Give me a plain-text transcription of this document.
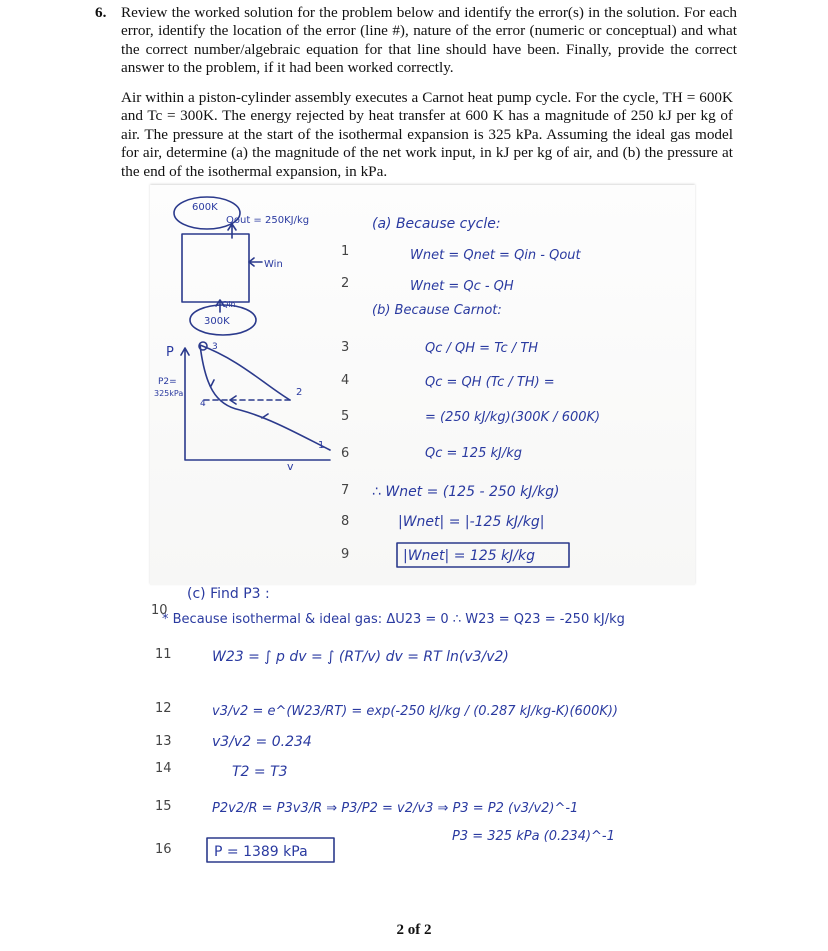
6. Review the worked solution for the problem below and identify the error(s) in the solution. For each error, identify the location of the error (line #), nature of the error (numeric or conceptual) and what the correct number/algebraic equation for that line should have been. Finally, provide the correct answer to the problem, if it had been worked correctly.
Air within a piston-cylinder assembly executes a Carnot heat pump cycle. For the cycle, TH = 600K and Tc = 300K. The energy rejected by heat transfer at 600 K has a magnitude of 250 kJ per kg of air. The pressure at the start of the isothermal expansion is 325 kPa. Assuming the ideal gas model for air, determine (a) the magnitude of the net work input, in kJ per kg of air, and (b) the pressure at the end of the isothermal expansion, in kPa.
600K
Qout = 250KJ/kg
Win
Qin
300K
P
P2=
325kPa	2
1
4
3
v
1
2
3
4
5
6
7
8
9
10
11
12
13
14
15
16
(a) Because cycle:
Wnet = Qnet = Qin - Qout
Wnet = Qc - QH
(b) Because Carnot:
Qc / QH = Tc / TH
Qc = QH (Tc / TH) =
= (250 kJ/kg)(300K / 600K)
Qc = 125 kJ/kg
∴ Wnet = (125 - 250 kJ/kg)
|Wnet| = |-125 kJ/kg|
|Wnet| = 125 kJ/kg
(c) Find P3 :
* Because isothermal & ideal gas: ΔU23 = 0 ∴ W23 = Q23 = -250 kJ/kg
W23 = ∫ p dv = ∫ (RT/v) dv = RT ln(v3/v2)
v3/v2 = e^(W23/RT) = exp(-250 kJ/kg / (0.287 kJ/kg-K)(600K))
v3/v2 = 0.234
T2 = T3
P2v2/R = P3v3/R ⇒ P3/P2 = v2/v3 ⇒ P3 = P2 (v3/v2)^-1
P3 = 325 kPa (0.234)^-1
P = 1389 kPa
2 of 2
